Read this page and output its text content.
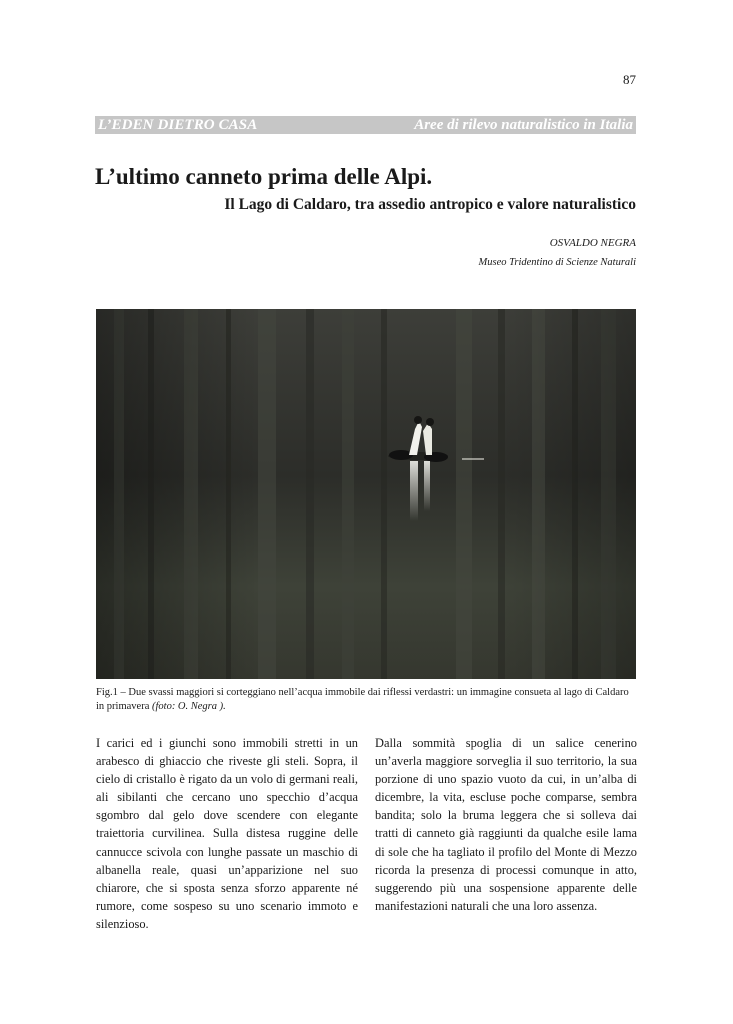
87
L’EDEN DIETRO CASA	Aree di rilevo naturalistico in Italia
L’ultimo canneto prima delle Alpi.
Il Lago di Caldaro, tra assedio antropico e valore naturalistico
OSVALDO NEGRA
Museo Tridentino di Scienze Naturali
Fig.1 – Due svassi maggiori si corteggiano nell’acqua immobile dai riflessi verdastri: un immagine consueta al lago di Caldaro in primavera (foto: O. Negra ).
I carici ed i giunchi sono immobili stretti in un arabesco di ghiaccio che riveste gli steli. Sopra, il cielo di cristallo è rigato da un volo di germani reali, ali sibilanti che cercano uno specchio d’acqua sgombro dal gelo dove scendere con elegante traiettoria curvilinea. Sulla distesa ruggine delle cannucce scivola con lunghe passate un maschio di albanella reale, quasi un’apparizione nel suo chiarore, che si sposta senza sforzo apparente né rumore, come sospeso su uno scenario immoto e silenzioso.
Dalla sommità spoglia di un salice cenerino un’averla maggiore sorveglia il suo territorio, la sua porzione di uno spazio vuoto da cui, in un’alba di dicembre, la vita, escluse poche comparse, sembra bandita; solo la bruma leggera che si solleva dai tratti di canneto già raggiunti da qualche esile lama di sole che ha tagliato il profilo del Monte di Mezzo ricorda la presenza di processi comunque in atto, suggerendo più una sospensione apparente delle manifestazioni naturali che una loro assenza.
